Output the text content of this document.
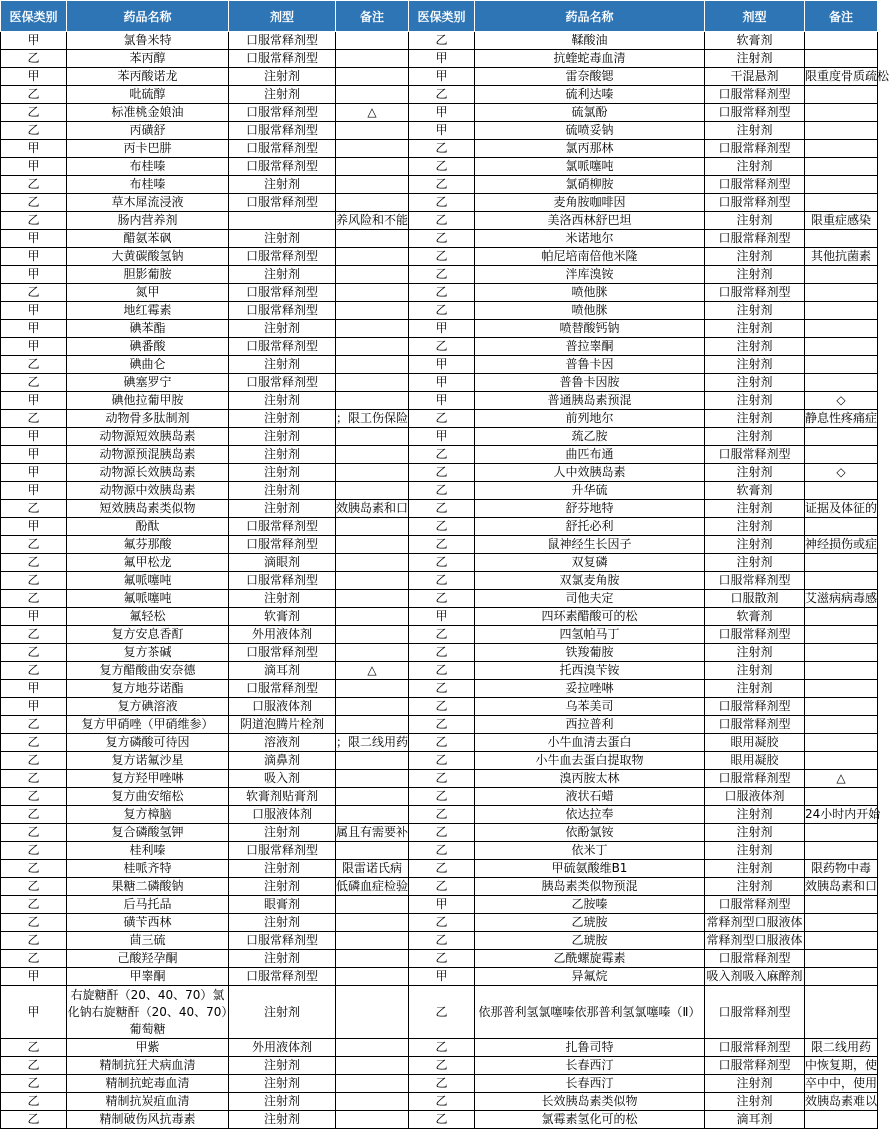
医保类别	药品名称	剂型	备注	医保类别	药品名称	剂型	备注
甲	氯鲁米特	口服常释剂型		乙	鞣酸油	软膏剂	
乙	苯丙醇	口服常释剂型		甲	抗蝰蛇毒血清	注射剂	
甲	苯丙酸诺龙	注射剂		甲	雷奈酸锶	干混悬剂	限重度骨质疏松
乙	吡硫醇	注射剂		乙	硫利达嗪	口服常释剂型	
乙	标准桃金娘油	口服常释剂型	△	甲	硫氯酚	口服常释剂型	
乙	丙磺舒	口服常释剂型		甲	硫喷妥钠	注射剂	
甲	丙卡巴肼	口服常释剂型		乙	氯丙那林	口服常释剂型	
甲	布桂嗪	口服常释剂型		乙	氯哌噻吨	注射剂	
乙	布桂嗪	注射剂		乙	氯硝柳胺	口服常释剂型	
乙	草木犀流浸液	口服常释剂型		乙	麦角胺咖啡因	口服常释剂型	
乙	肠内营养剂		养风险和不能	乙	美洛西林舒巴坦	注射剂	限重症感染
甲	醋氨苯砜	注射剂		乙	米诺地尔	口服常释剂型	
甲	大黄碳酸氢钠	口服常释剂型		乙	帕尼培南倍他米隆	注射剂	其他抗菌素
甲	胆影葡胺	注射剂		乙	泮库溴铵	注射剂	
乙	氮甲	口服常释剂型		乙	喷他脒	口服常释剂型	
甲	地红霉素	口服常释剂型		乙	喷他脒	注射剂	
甲	碘苯酯	注射剂		甲	喷替酸钙钠	注射剂	
甲	碘番酸	口服常释剂型		乙	普拉睾酮	注射剂	
乙	碘曲仑	注射剂		甲	普鲁卡因	注射剂	
乙	碘塞罗宁	口服常释剂型		甲	普鲁卡因胺	注射剂	
甲	碘他拉葡甲胺	注射剂		甲	普通胰岛素预混	注射剂	◇
乙	动物骨多肽制剂	注射剂	；限工伤保险	乙	前列地尔	注射剂	静息性疼痛症
甲	动物源短效胰岛素	注射剂		甲	巯乙胺	注射剂	
甲	动物源预混胰岛素	注射剂		乙	曲匹布通	口服常释剂型	
甲	动物源长效胰岛素	注射剂		乙	人中效胰岛素	注射剂	◇
甲	动物源中效胰岛素	注射剂		乙	升华硫	软膏剂	
乙	短效胰岛素类似物	注射剂	效胰岛素和口	乙	舒芬地特	注射剂	证据及体征的
甲	酚酞	口服常释剂型		乙	舒托必利	注射剂	
乙	氟芬那酸	口服常释剂型		乙	鼠神经生长因子	注射剂	神经损伤或症
乙	氟甲松龙	滴眼剂		乙	双复磷	注射剂	
乙	氟哌噻吨	口服常释剂型		乙	双氯麦角胺	口服常释剂型	
乙	氟哌噻吨	注射剂		乙	司他夫定	口服散剂	艾滋病病毒感
甲	氟轻松	软膏剂		甲	四环素醋酸可的松	软膏剂	
乙	复方安息香酊	外用液体剂		乙	四氢帕马丁	口服常释剂型	
乙	复方茶碱	口服常释剂型		乙	铁羧葡胺	注射剂	
乙	复方醋酸曲安奈德	滴耳剂	△	乙	托西溴苄铵	注射剂	
甲	复方地芬诺酯	口服常释剂型		乙	妥拉唑啉	注射剂	
甲	复方碘溶液	口服液体剂		乙	乌苯美司	口服常释剂型	
乙	复方甲硝唑（甲硝维参）	阴道泡腾片栓剂		乙	西拉普利	口服常释剂型	
乙	复方磷酸可待因	溶液剂	；限二线用药	乙	小牛血清去蛋白	眼用凝胶	
乙	复方诺氟沙星	滴鼻剂		乙	小牛血去蛋白提取物	眼用凝胶	
乙	复方羟甲唑啉	吸入剂		乙	溴丙胺太林	口服常释剂型	△
乙	复方曲安缩松	软膏剂贴膏剂		乙	液状石蜡	口服液体剂	
乙	复方樟脑	口服液体剂		乙	依达拉奉	注射剂	24小时内开始
乙	复合磷酸氢钾	注射剂	属且有需要补	乙	依酚氯铵	注射剂	
乙	桂利嗪	口服常释剂型		乙	依米丁	注射剂	
乙	桂哌齐特	注射剂	限雷诺氏病	乙	甲硫氨酸维B1	注射剂	限药物中毒
乙	果糖二磷酸钠	注射剂	低磷血症检验	乙	胰岛素类似物预混	注射剂	效胰岛素和口
乙	后马托品	眼膏剂		甲	乙胺嗪	口服常释剂型	
乙	磺苄西林	注射剂		乙	乙琥胺	常释剂型口服液体	
乙	茴三硫	口服常释剂型		乙	乙琥胺	常释剂型口服液体	
乙	己酸羟孕酮	注射剂		乙	乙酰螺旋霉素	口服常释剂型	
甲	甲睾酮	口服常释剂型		甲	异氟烷	吸入剂吸入麻醉剂	
甲	右旋糖酐（20、40、70）氯化钠右旋糖酐（20、40、70）葡萄糖	注射剂		乙	依那普利氢氯噻嗪依那普利氢氯噻嗪（Ⅱ）	口服常释剂型	
乙	甲紫	外用液体剂		乙	扎鲁司特	口服常释剂型	限二线用药
乙	精制抗狂犬病血清	注射剂		乙	长春西汀	口服常释剂型	中恢复期，使
乙	精制抗蛇毒血清	注射剂		乙	长春西汀	注射剂	卒中中，使用
乙	精制抗炭疽血清	注射剂		乙	长效胰岛素类似物	注射剂	效胰岛素难以
乙	精制破伤风抗毒素	注射剂		乙	氯霉素氢化可的松	滴耳剂	
